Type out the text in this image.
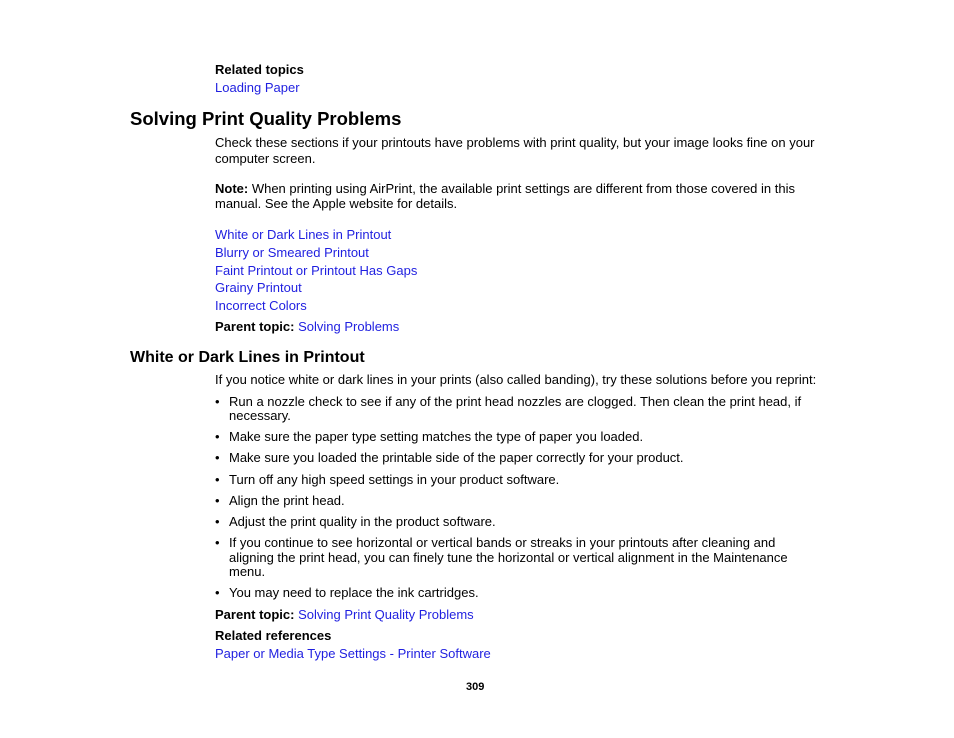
Related topics
Loading Paper
Solving Print Quality Problems
Check these sections if your printouts have problems with print quality, but your image looks fine on your
computer screen.
Note: When printing using AirPrint, the available print settings are different from those covered in this
manual. See the Apple website for details.
White or Dark Lines in Printout
Blurry or Smeared Printout
Faint Printout or Printout Has Gaps
Grainy Printout
Incorrect Colors
Parent topic: Solving Problems
White or Dark Lines in Printout
If you notice white or dark lines in your prints (also called banding), try these solutions before you reprint:
• Run a nozzle check to see if any of the print head nozzles are clogged. Then clean the print head, if
necessary.
• Make sure the paper type setting matches the type of paper you loaded.
• Make sure you loaded the printable side of the paper correctly for your product.
• Turn off any high speed settings in your product software.
• Align the print head.
• Adjust the print quality in the product software.
• If you continue to see horizontal or vertical bands or streaks in your printouts after cleaning and
aligning the print head, you can finely tune the horizontal or vertical alignment in the Maintenance
menu.
• You may need to replace the ink cartridges.
Parent topic: Solving Print Quality Problems
Related references
Paper or Media Type Settings - Printer Software
309
